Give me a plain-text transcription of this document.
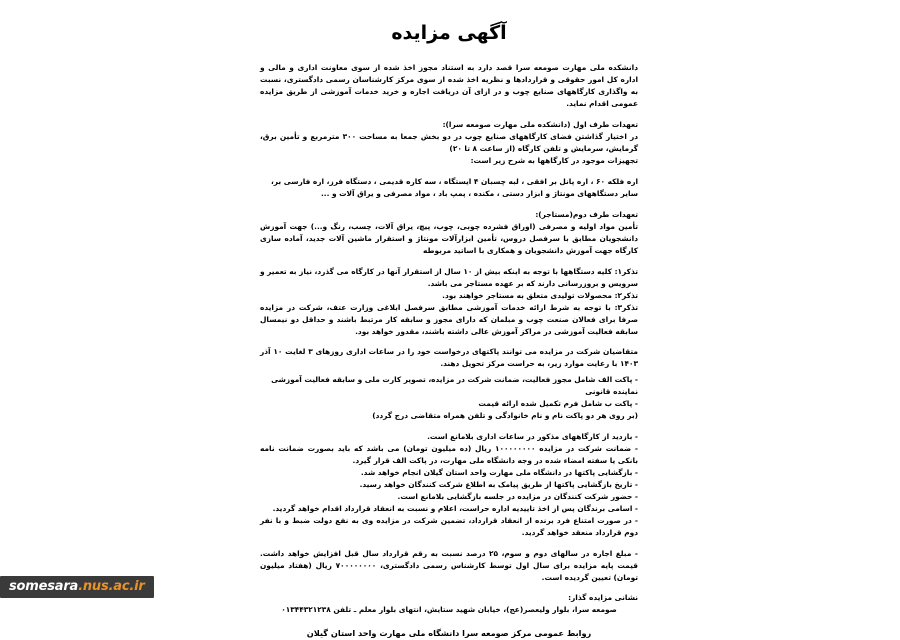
آگهی مزایده

دانشکده ملی مهارت صومعه سرا قصد دارد به استناد مجوز اخذ شده از سوی معاونت اداری و مالی و اداره کل امور حقوقی و قراردادها و نظریه اخذ شده از سوی مرکز کارشناسان رسمی دادگستری، نسبت به واگذاری کارگاههای صنایع چوب و در ازای آن دریافت اجاره و خرید خدمات آموزشی از طریق مزایده عمومی اقدام نماید.

تعهدات طرف اول (دانشکده ملی مهارت صومعه سرا):

در اختیار گذاشتن فضای کارگاههای صنایع چوب در دو بخش جمعا به مساحت ۳۰۰ مترمربع و تأمین برق، گرمایش، سرمایش و تلفن کارگاه (از ساعت ۸ تا ۲۰)

تجهیزات موجود در کارگاهها به شرح زیر است:

اره فلکه ۶۰ ، اره پانل بر افقی ، لبه چسبان ۴ ایستگاه ، سه کاره قدیمی ، دستگاه فرز، اره فارسی بر،

سایر دستگاههای مونتاژ و ابزار دستی ، مکنده ، پمپ باد ، مواد مصرفی و یراق آلات و ...

تعهدات طرف دوم(مستاجر):

تأمین مواد اولیه و مصرفی (اوراق فشرده چوبی، چوب، پیچ، یراق آلات، چسب، رنگ و...) جهت آموزش دانشجویان مطابق با سرفصل دروس، تأمین ابزارآلات مونتاژ و استقرار ماشین آلات جدید، آماده سازی کارگاه جهت آموزش دانشجویان و همکاری با اساتید مربوطه

تذکر۱: کلیه دستگاهها با توجه به اینکه بیش از ۱۰ سال از استقرار آنها در کارگاه می گذرد، نیاز به تعمیر و سرویس و بروزرسانی دارند که بر عهده مستاجر می باشد.

تذکر۲: محصولات تولیدی متعلق به مستاجر خواهند بود.

تذکر۳: با توجه به شرط ارائه خدمات آموزشی مطابق سرفصل ابلاغی وزارت عتف، شرکت در مزایده صرفا برای فعالان صنعت چوب و مبلمان که دارای مجوز و سابقه کار مرتبط باشند و حداقل دو نیمسال سابقه فعالیت آموزشی در مراکز آموزش عالی داشته باشند، مقدور خواهد بود.

متقاضیان شرکت در مزایده می توانند پاکتهای درخواست خود را در ساعات اداری روزهای ۳ لغایت ۱۰ آذر ۱۴۰۳ با رعایت موارد زیر، به حراست مرکز تحویل دهند.

- پاکت الف شامل مجوز فعالیت، ضمانت شرکت در مزایده، تصویر کارت ملی و سابقه فعالیت آموزشی نماینده قانونی

- پاکت ب شامل فرم تکمیل شده ارائه قیمت

(بر روی هر دو پاکت نام و نام خانوادگی و تلفن همراه متقاضی درج گردد)

- بازدید از کارگاههای مذکور در ساعات اداری بلامانع است.

- ضمانت شرکت در مزایده ۱۰۰۰۰۰۰۰۰ ریال (ده میلیون تومان) می باشد که باید بصورت ضمانت نامه بانکی یا سفته امضاء شده در وجه دانشگاه ملی مهارت، در پاکت الف قرار گیرد.

- بازگشایی پاکتها در دانشگاه ملی مهارت واحد استان گیلان انجام خواهد شد.

- تاریخ بازگشایی پاکتها از طریق پیامک به اطلاع شرکت کنندگان خواهد رسید.

- حضور شرکت کنندگان در مزایده در جلسه بازگشایی بلامانع است.

- اسامی برندگان پس از اخذ تاییدیه اداره حراست، اعلام و نسبت به انعقاد قرارداد اقدام خواهد گردید.

- در صورت امتناع فرد برنده از انعقاد قرارداد، تضمین شرکت در مزایده وی به نفع دولت ضبط و با نفر دوم قرارداد منعقد خواهد گردید.

- مبلغ اجاره در سالهای دوم و سوم، ۲۵ درصد نسبت به رقم قرارداد سال قبل افزایش خواهد داشت. قیمت پایه مزایده برای سال اول توسط کارشناس رسمی دادگستری، ۷۰۰۰۰۰۰۰۰ ریال (هفتاد میلیون تومان) تعیین گردیده است.

نشانی مزایده گذار:

صومعه سرا، بلوار ولیعصر(عج)، خیابان شهید ستایش، انتهای بلوار معلم ـ تلفن ۰۱۳۴۴۳۲۱۲۳۸

روابط عمومی مرکز صومعه سرا دانشگاه ملی مهارت واحد استان گیلان

somesara.nus.ac.ir
